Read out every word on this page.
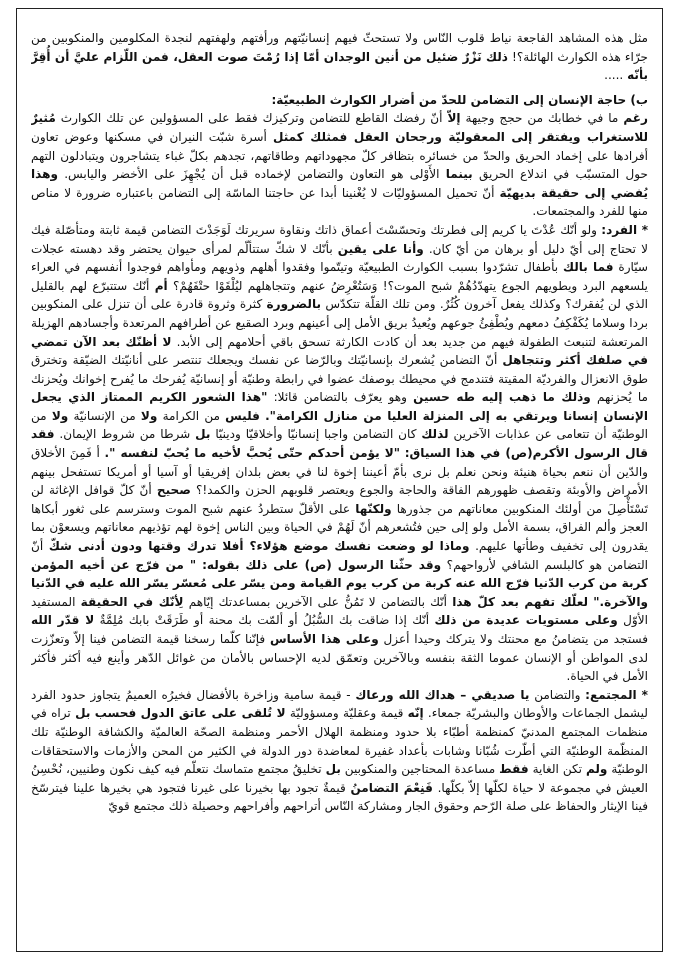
مثل هذه المشاهد الفاجعة نياط قلوب النّاس ولا تستحثّ فيهم إنسانيّتهم ورأفتهم ولهفتهم لنجدة المكلومين والمنكوبين من جرّاء هذه الكوارث الهائلة؟! ذلك نَزْرٌ ضئيل من أنين الوجدان أمّا إذا رُمْتَ صوت العقل، فمن اللّزام عليَّ أن أُقِرَّ بأنّه .....

ب) حاجة الإنسان إلى التضامن للحدّ من أضرار الكوارث الطبيعيّة:

رغم ما في خطابك من حجج وجيهة إلاّ أنّ رفضك القاطع للتضامن وتركيزك فقط على المسؤولين عن تلك الكوارث مُثيرٌ للاستغراب ويفتقر إلى المعقوليّة ورجحان العقل فمثلك كمثل أسرة شبّت النيران في مسكنها وعوض تعاون أفرادها على إخماد الحريق والحدّ من خسائره بتظافر كلّ مجهوداتهم وطاقاتهم، تجدهم بكلّ غباء يتشاجرون ويتبادلون التهم حول المتسبّب في اندلاع الحريق بينما الأَوْلى هو التعاون والتضامن لإخماده قبل أن يُجْهِزَ على الأخضر واليابس. وهذا يُفضي إلى حقيقة بديهيّة أنّ تحميل المسؤوليّات لا يُغْنينا أبدا عن حاجتنا الماسّة إلى التضامن باعتباره ضرورة لا مناص منها للفرد والمجتمعات.

* الفرد: ولو أنّك عُدْتَ يا كريم إلى فطرتك وتحسّسْتَ أعماق ذاتك ونقاوة سريرتك لَوَجَدْتَ التضامن قيمة ثابتة ومتأصّلة فيك لا تحتاج إلى أيّ دليل أو برهان من أيّ كان. وأنا على يقين بأنّك لا شكّ ستتألّم لمرأى حيوان يحتضر وقد دهسته عجلات سيّارة فما بالك بأطفال تشرّدوا بسبب الكوارث الطبيعيّة وتيتّموا وفقدوا أهلهم وذويهم ومأواهم فوجدوا أنفسهم في العراء يلسعهم البرد ويطويهم الجوع يتهدّدُهُمْ شبح الموت؟! وَسَتُعْرِضُ عنهم وتتجاهلهم ليُلْقَوْا حتْفَهُمْ؟ أم أنّك ستتبرّع لهم بالقليل الذي لن يُفقرك؟ وكذلك يفعل آخرون كُثُرٌ. ومن تلك القلّة تتكدّس بالضرورة كثرة وثروة قادرة على أن تنزل على المنكوبين بردا وسلاما يُكَفْكِفُ دمعهم ويُطْفِئُ جوعهم ويُعيدُ بريق الأمل إلى أعينهم وبرد الصقيع عن أطرافهم المرتعدة وأجسادهم الهزيلة المرتعشة لتنبعث الطفولة فيهم من جديد بعد أن كادت الكارثة تسحق باقي أحلامهم إلى الأبد. لا أظنّك بعد الآن تمضي في صلفك أكثر وتتجاهل أنّ التضامن يُشعرك بإنسانيّتك وبالرّضا عن نفسك ويجعلك تنتصر على أنانيّتك الضيّقة وتخترق طوق الانعزال والفرديّة المقيتة فتندمج في محيطك بوصفك عضوا في رابطة وطنيّة أو إنسانيّة يُفرحك ما يُفرح إخوانك ويُحزنك ما يُحزنهم وذلك ما ذهب إليه طه حسين وهو يعرّف بالتضامن قائلا: "هذا الشعور الكريم الممتاز الذي يجعل الإنسان إنسانا ويرتقي به إلى المنزلة العليا من منازل الكرامة". فليس من الكرامة ولا من الإنسانيّة ولا من الوطنيّة أن تتعامى عن عذابات الآخرين لذلك كان التضامن واجبا إنسانيّا وأخلاقيّا ودينيّا بل شرطا من شروط الإيمان. فقد قال الرسول الأكرم(ص) في هذا السياق: "لا يؤمن أحدكم حتّى يُحبَّ لأخيه ما يُحبّ لنفسه ". أ فَمِنَ الأخلاق والدّين أن ننعم بحياة هنيئة ونحن نعلم بل نرى بأمّ أعيننا إخوة لنا في بعض بلدان إفريقيا أو آسيا أو أمريكا تستفحل بينهم الأمراض والأوبئة وتقصف ظهورهم الفاقة والحاجة والجوع ويعتصر قلوبهم الحزن والكمد!؟ صحيح أنّ كلّ قوافل الإغاثة لن تَسْتَأْصِلَ من أولئك المنكوبين معاناتهم من جذورها ولكنّها على الأقلّ ستطردُ عنهم شبح الموت وسترسم على ثغور أبكاها العجز وألم الفراق، بسمة الأمل ولو إلى حين فتُشعرهم أنّ لَهُمْ في الحياة وبين الناس إخوة لهم تؤذيهم معاناتهم ويسعوْن بما يقدرون إلى تخفيف وطأتها عليهم. وماذا لو وضعت نفسك موضع هؤلاء؟ أفلا تدرك وقتها ودون أدنى شكّ أنّ التضامن هو كالبلسم الشافي لأرواحهم؟ وقد حثّنا الرسول (ص) على ذلك بقوله: " من فرّج عن أخيه المؤمن كربة من كرب الدّنيا فرّج الله عنه كربة من كرب يوم القيامة ومن يسّر على مُعسّر يسّر الله عليه في الدّنيا والآخرة." لعلّك تفهم بعد كلّ هذا أنّك بالتضامن لا تَمُنُّ على الآخرين بمساعدتك إيّاهم لِأنّك في الحقيقة المستفيد الأوّل وعلى مستويات عديدة من ذلك أنّك إذا ضاقت بك السُّبُلُ أو ألمّت بك محنة أو طَرَقَتْ بابك مُلِمَّةٌ لا قدّر الله فستجد من يتضامنُ مع محنتك ولا يتركك وحيدا أعزل وعلى هذا الأساس فإنّنا كلّما رسخنا قيمة التضامن فينا إلاّ وتعزّزت لدى المواطن أو الإنسان عموما الثقة بنفسه وبالآخرين وتعمّق لديه الإحساس بالأمان من غوائل الدّهر وأينع فيه أكثر فأكثر الأمل في الحياة.

* المجتمع: والتضامن يا صديقي – هداك الله ورعاك - قيمة سامية وزاخرة بالأفضال فخيرُه العميمُ يتجاوز حدود الفرد ليشمل الجماعات والأوطان والبشريّة جمعاء. إنّه قيمة وعقليّة ومسؤوليّة لا تُلقى على عاتق الدول فحسب بل تراه في منظمات المجتمع المدنيّ كمنظمة أطبّاء بلا حدود ومنظمة الهلال الأحمر ومنظمة الصحّة العالميّة والكشافة الوطنيّة تلك المنظّمة الوطنيّة التي أطّرت شُبّانا وشابات بأعداد غفيرة لمعاضدة دور الدولة في الكثير من المحن والأزمات والاستحقاقات الوطنيّة ولم تكن الغاية فقط مساعدة المحتاجين والمنكوبين بل تخليقُ مجتمع متماسك نتعلّم فيه كيف نكون وطنيين، نُحْسِنُ العيش في مجموعة لا حياة لكلّها إلاّ بكلّها. فَنِعْمَ التضامنُ قيمةٌ تجود بها بخيرنا على غيرنا فتجود هي بخيرها علينا فيترسّخ فينا الإيثار والحفاظ على صلة الرّحم وحقوق الجار ومشاركة النّاس أتراحهم وأفراحهم وحصيلة ذلك مجتمع قويّ
